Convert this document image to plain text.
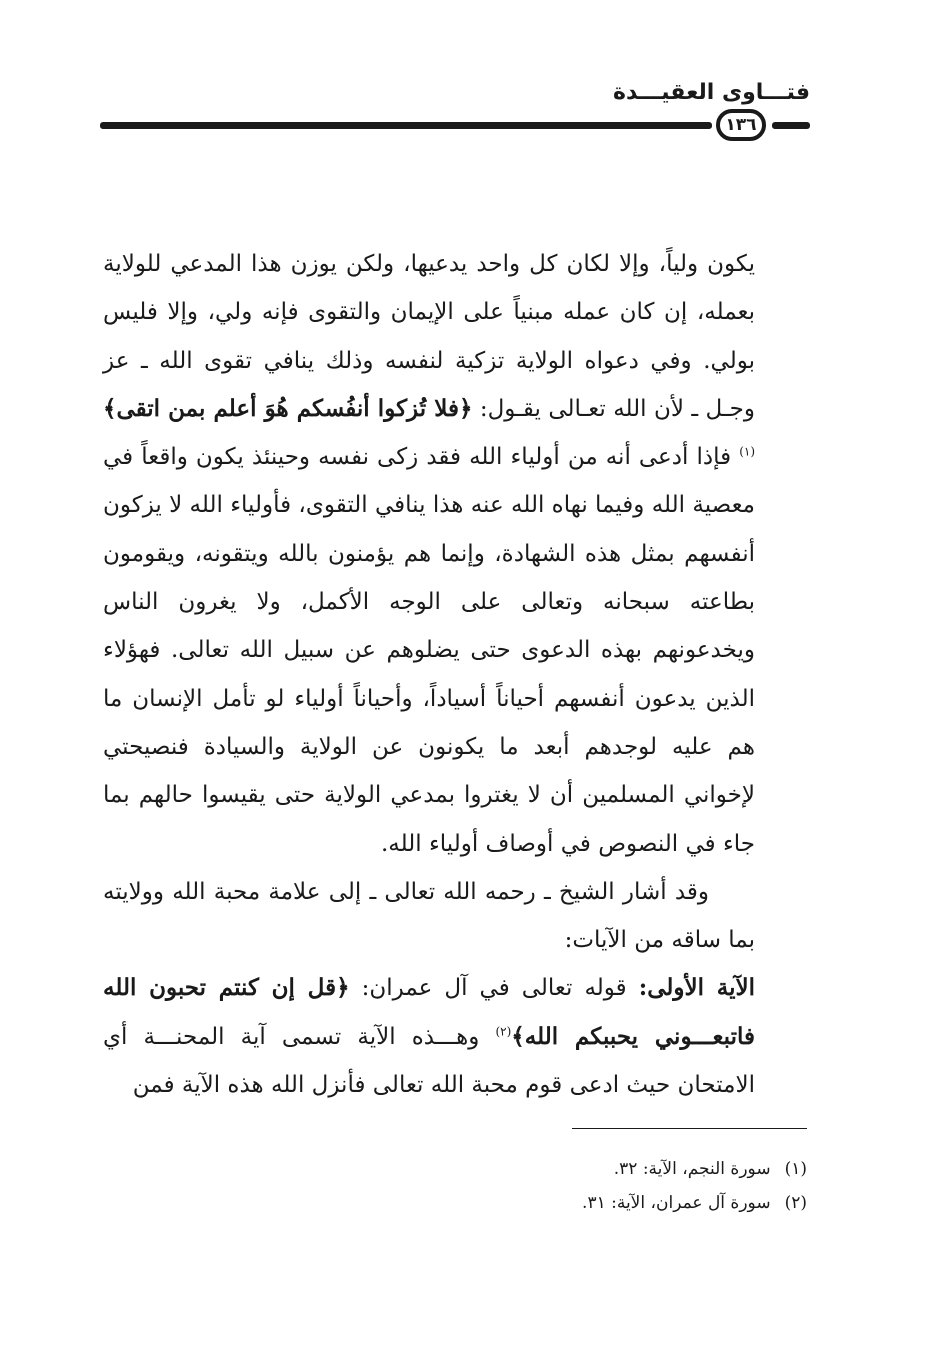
فتـــاوى العقيـــدة
١٣٦

يكون ولياً، وإلا لكان كل واحد يدعيها، ولكن يوزن هذا المدعي للولاية بعمله، إن كان عمله مبنياً على الإيمان والتقوى فإنه ولي، وإلا فليس بولي. وفي دعواه الولاية تزكية لنفسه وذلك ينافي تقوى الله ـ عز وجـل ـ لأن الله تعـالى يقـول: ﴿فلا تُزكوا أنفُسكم هُوَ أعلم بمن اتقى﴾$^{(١)}$ فإذا أدعى أنه من أولياء الله فقد زكى نفسه وحينئذ يكون واقعاً في معصية الله وفيما نهاه الله عنه هذا ينافي التقوى، فأولياء الله لا يزكون أنفسهم بمثل هذه الشهادة، وإنما هم يؤمنون بالله ويتقونه، ويقومون بطاعته سبحانه وتعالى على الوجه الأكمل، ولا يغرون الناس ويخدعونهم بهذه الدعوى حتى يضلوهم عن سبيل الله تعالى. فهؤلاء الذين يدعون أنفسهم أحياناً أسياداً، وأحياناً أولياء لو تأمل الإنسان ما هم عليه لوجدهم أبعد ما يكونون عن الولاية والسيادة فنصيحتي لإخواني المسلمين أن لا يغتروا بمدعي الولاية حتى يقيسوا حالهم بما جاء في النصوص في أوصاف أولياء الله.

وقد أشار الشيخ ـ رحمه الله تعالى ـ إلى علامة محبة الله وولايته بما ساقه من الآيات:

الآية الأولى: قوله تعالى في آل عمران: ﴿قل إن كنتم تحبون الله فاتبعـــوني يحببكم الله﴾$^{(٢)}$ وهـــذه الآية تسمى آية المحنـــة أي الامتحان حيث ادعى قوم محبة الله تعالى فأنزل الله هذه الآية فمن

(١)
سورة النجم، الآية: ٣٢.
(٢)
سورة آل عمران، الآية: ٣١.
